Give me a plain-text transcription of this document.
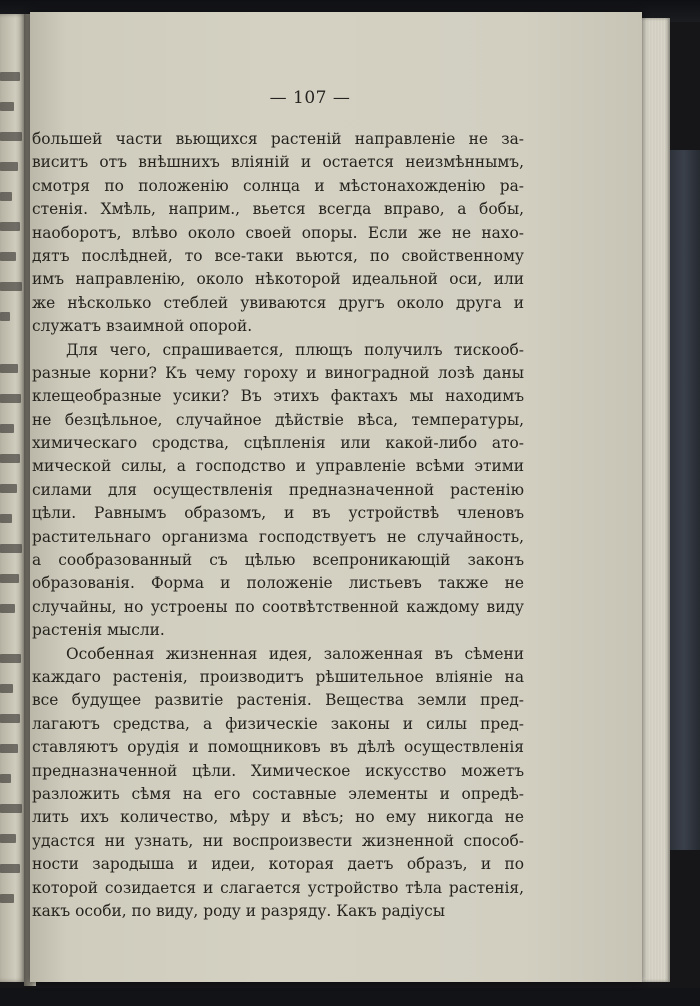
— 107 —
большей части вьющихся растеній направленіе не за-
виситъ отъ внѣшнихъ вліяній и остается неизмѣннымъ,
смотря по положенію солнца и мѣстонахожденію ра-
стенія. Хмѣль, наприм., вьется всегда вправо, а бобы,
наоборотъ, влѣво около своей опоры. Если же не нахо-
дятъ послѣдней, то все-таки вьются, по свойственному
имъ направленію, около нѣкоторой идеальной оси, или
же нѣсколько стеблей увиваются другъ около друга и
служатъ взаимной опорой.
Для чего, спрашивается, плющъ получилъ тискооб-
разные корни? Къ чему гороху и виноградной лозѣ даны
клещеобразные усики? Въ этихъ фактахъ мы находимъ
не безцѣльное, случайное дѣйствіе вѣса, температуры,
химическаго сродства, сцѣпленія или какой-либо ато-
мической силы, а господство и управленіе всѣми этими
силами для осуществленія предназначенной растенію
цѣли. Равнымъ образомъ, и въ устройствѣ членовъ
растительнаго организма господствуетъ не случайность,
а сообразованный съ цѣлью всепроникающій законъ
образованія. Форма и положеніе листьевъ также не
случайны, но устроены по соотвѣтственной каждому виду
растенія мысли.
Особенная жизненная идея, заложенная въ сѣмени
каждаго растенія, производитъ рѣшительное вліяніе на
все будущее развитіе растенія. Вещества земли пред-
лагаютъ средства, а физическіе законы и силы пред-
ставляютъ орудія и помощниковъ въ дѣлѣ осуществленія
предназначенной цѣли. Химическое искусство можетъ
разложить сѣмя на его составные элементы и опредѣ-
лить ихъ количество, мѣру и вѣсъ; но ему никогда не
удастся ни узнать, ни воспроизвести жизненной способ-
ности зародыша и идеи, которая даетъ образъ, и по
которой созидается и слагается устройство тѣла растенія,
какъ особи, по виду, роду и разряду. Какъ радіусы
